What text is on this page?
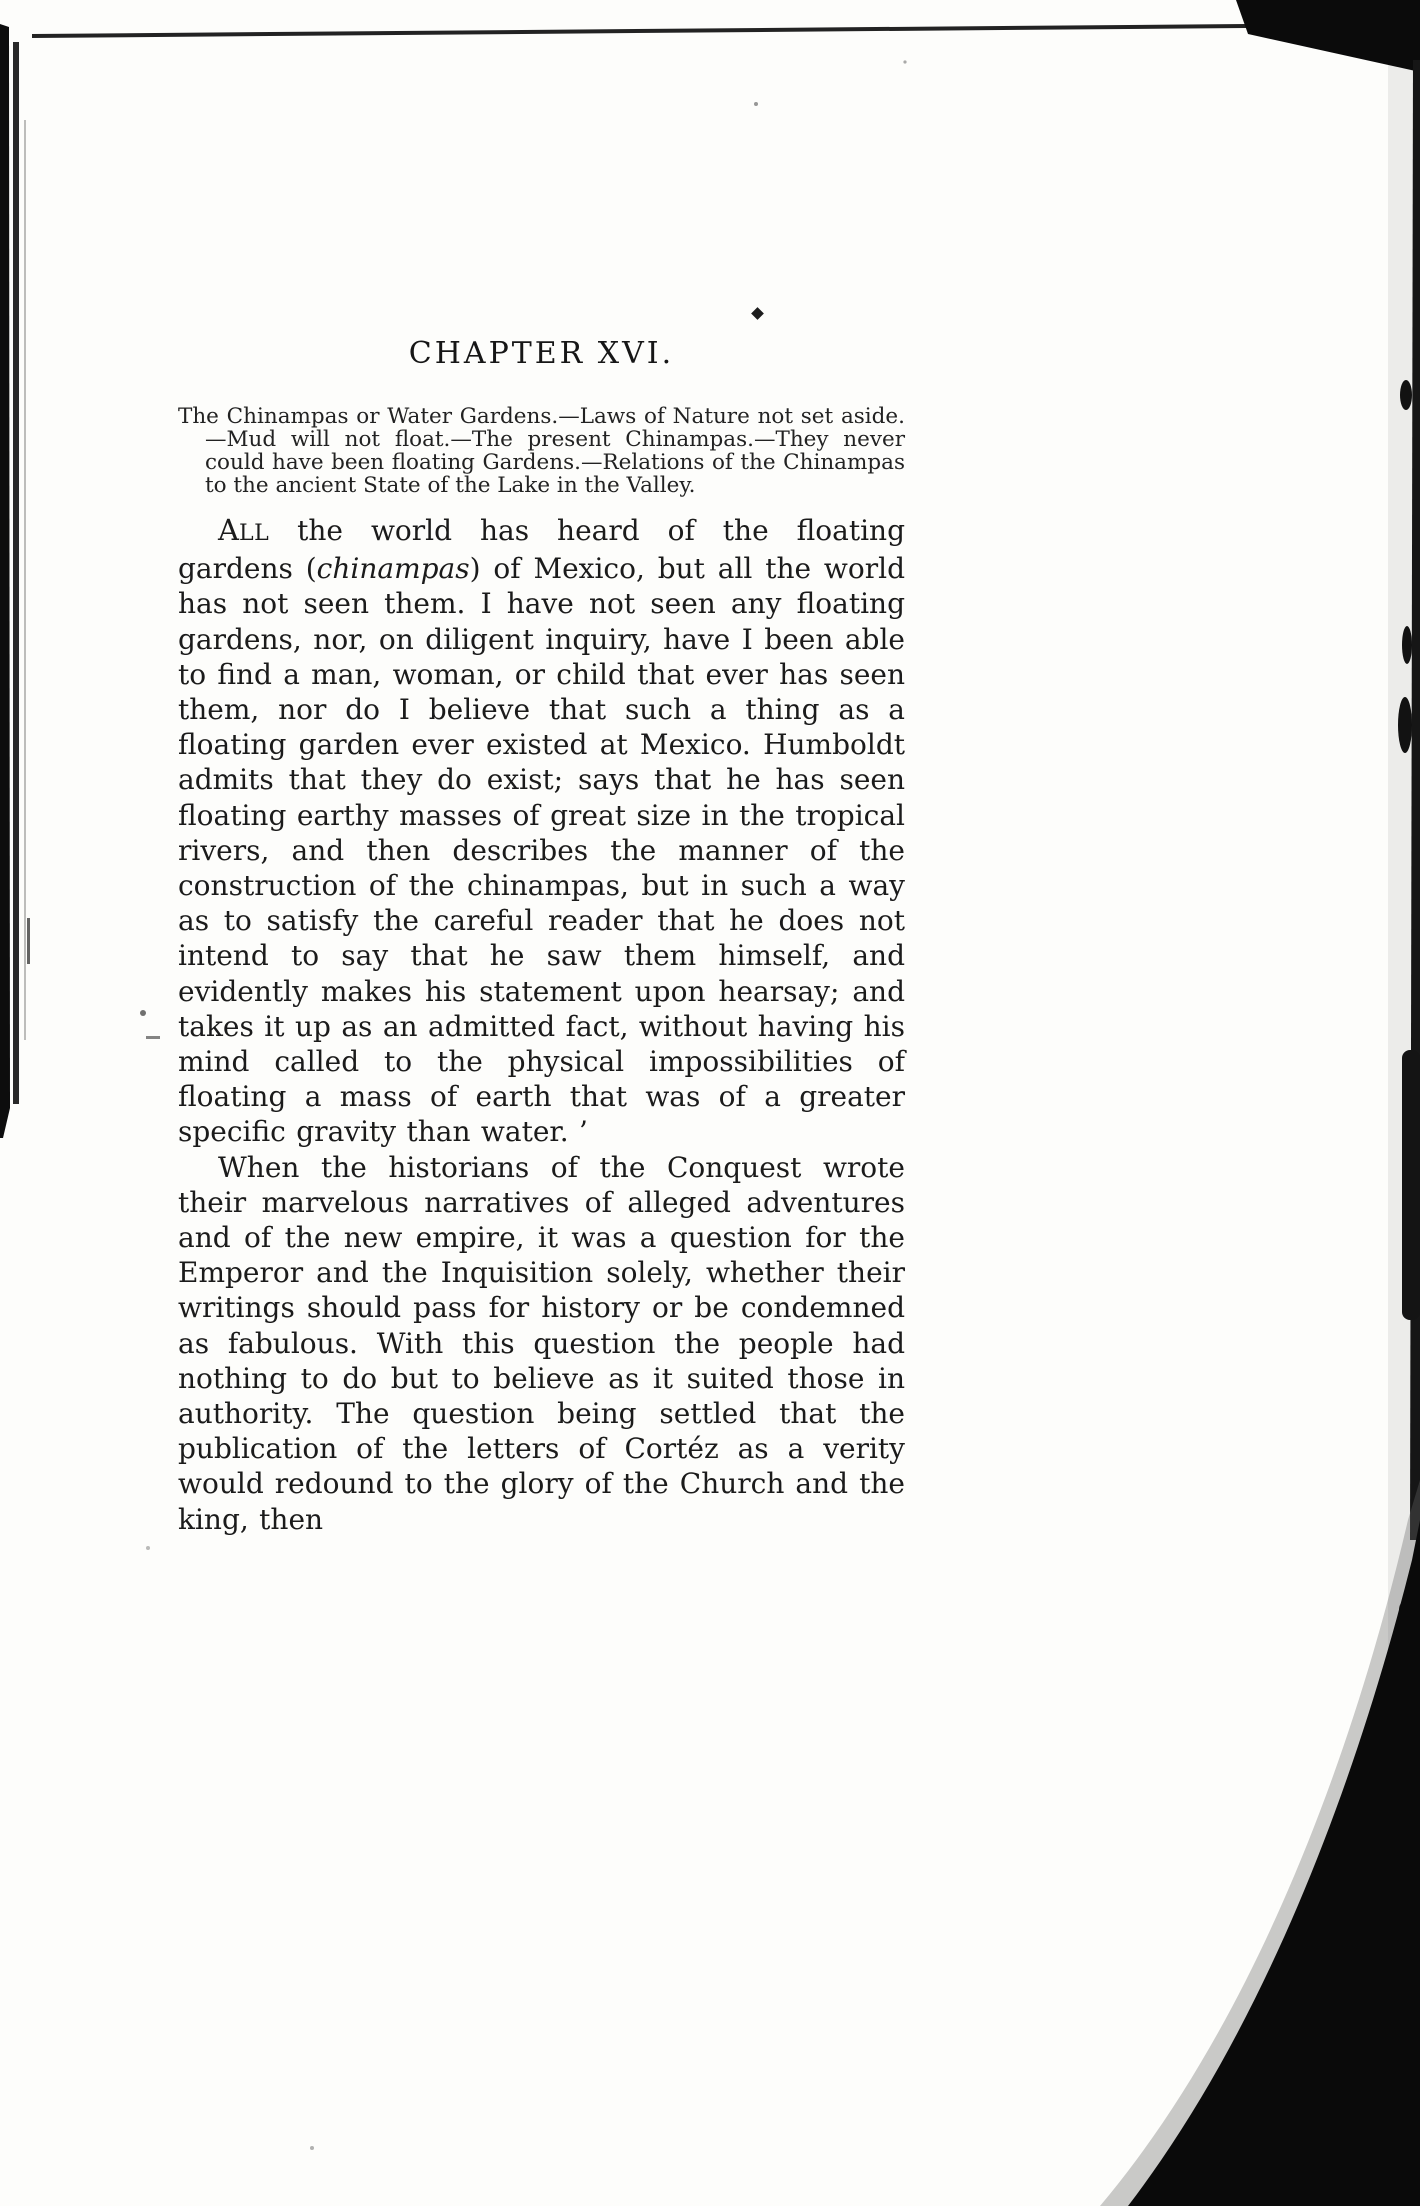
CHAPTER XVI.

The Chinampas or Water Gardens.—Laws of Nature not set aside.—Mud will not float.—The present Chinampas.—They never could have been floating Gardens.—Relations of the Chinampas to the ancient State of the Lake in the Valley.

ALL the world has heard of the floating gardens (chinampas) of Mexico, but all the world has not seen them. I have not seen any floating gardens, nor, on diligent inquiry, have I been able to find a man, woman, or child that ever has seen them, nor do I believe that such a thing as a floating garden ever existed at Mexico. Humboldt admits that they do exist; says that he has seen floating earthy masses of great size in the tropical rivers, and then describes the manner of the construction of the chinampas, but in such a way as to satisfy the careful reader that he does not intend to say that he saw them himself, and evidently makes his statement upon hearsay; and takes it up as an admitted fact, without having his mind called to the physical impossibilities of floating a mass of earth that was of a greater specific gravity than water. ’

When the historians of the Conquest wrote their marvelous narratives of alleged adventures and of the new empire, it was a question for the Emperor and the Inquisition solely, whether their writings should pass for history or be condemned as fabulous. With this question the people had nothing to do but to believe as it suited those in authority. The question being settled that the publication of the letters of Cortéz as a verity would redound to the glory of the Church and the king, then
